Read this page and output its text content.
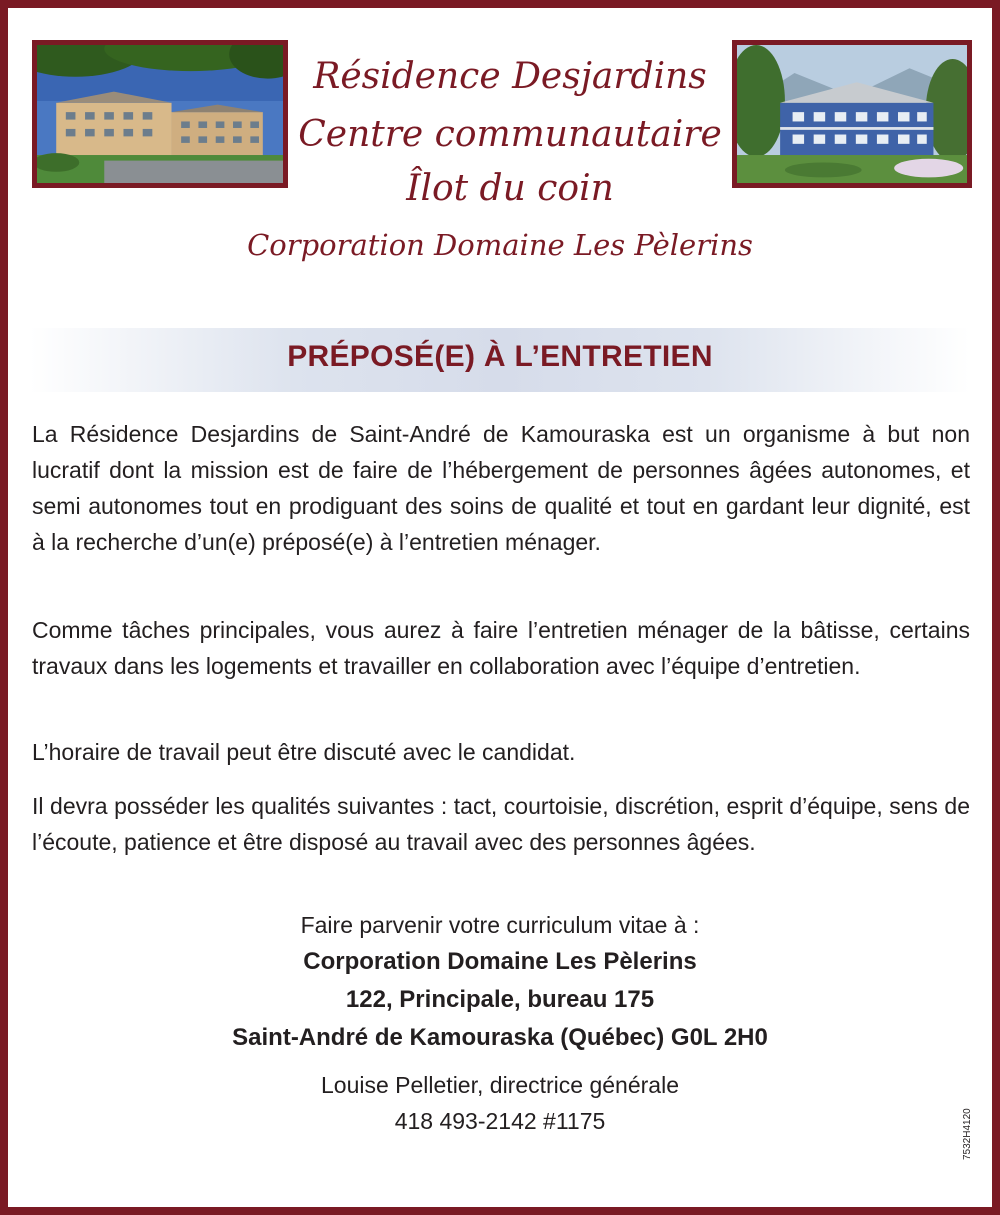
Résidence Desjardins
Centre communautaire
Îlot du coin
Corporation Domaine Les Pèlerins
PRÉPOSÉ(E) À L’ENTRETIEN

La Résidence Desjardins de Saint-André de Kamouraska est un organisme à but non lucratif dont la mission est de faire de l’hébergement de personnes âgées autonomes, et semi autonomes tout en prodiguant des soins de qualité et tout en gardant leur dignité, est à la recherche d’un(e) préposé(e) à l’entretien ménager.

Comme tâches principales, vous aurez à faire l’entretien ménager de la bâtisse, certains travaux dans les logements et travailler en collaboration avec l’équipe d’entretien.

L’horaire de travail peut être discuté avec le candidat.

Il devra posséder les qualités suivantes : tact, courtoisie, discrétion, esprit d’équipe, sens de l’écoute, patience et être disposé au travail avec des personnes âgées.

Faire parvenir votre curriculum vitae à :
Corporation Domaine Les Pèlerins
122, Principale, bureau 175
Saint-André de Kamouraska (Québec) G0L 2H0
Louise Pelletier, directrice générale
418 493-2142 #1175	7532H4120
